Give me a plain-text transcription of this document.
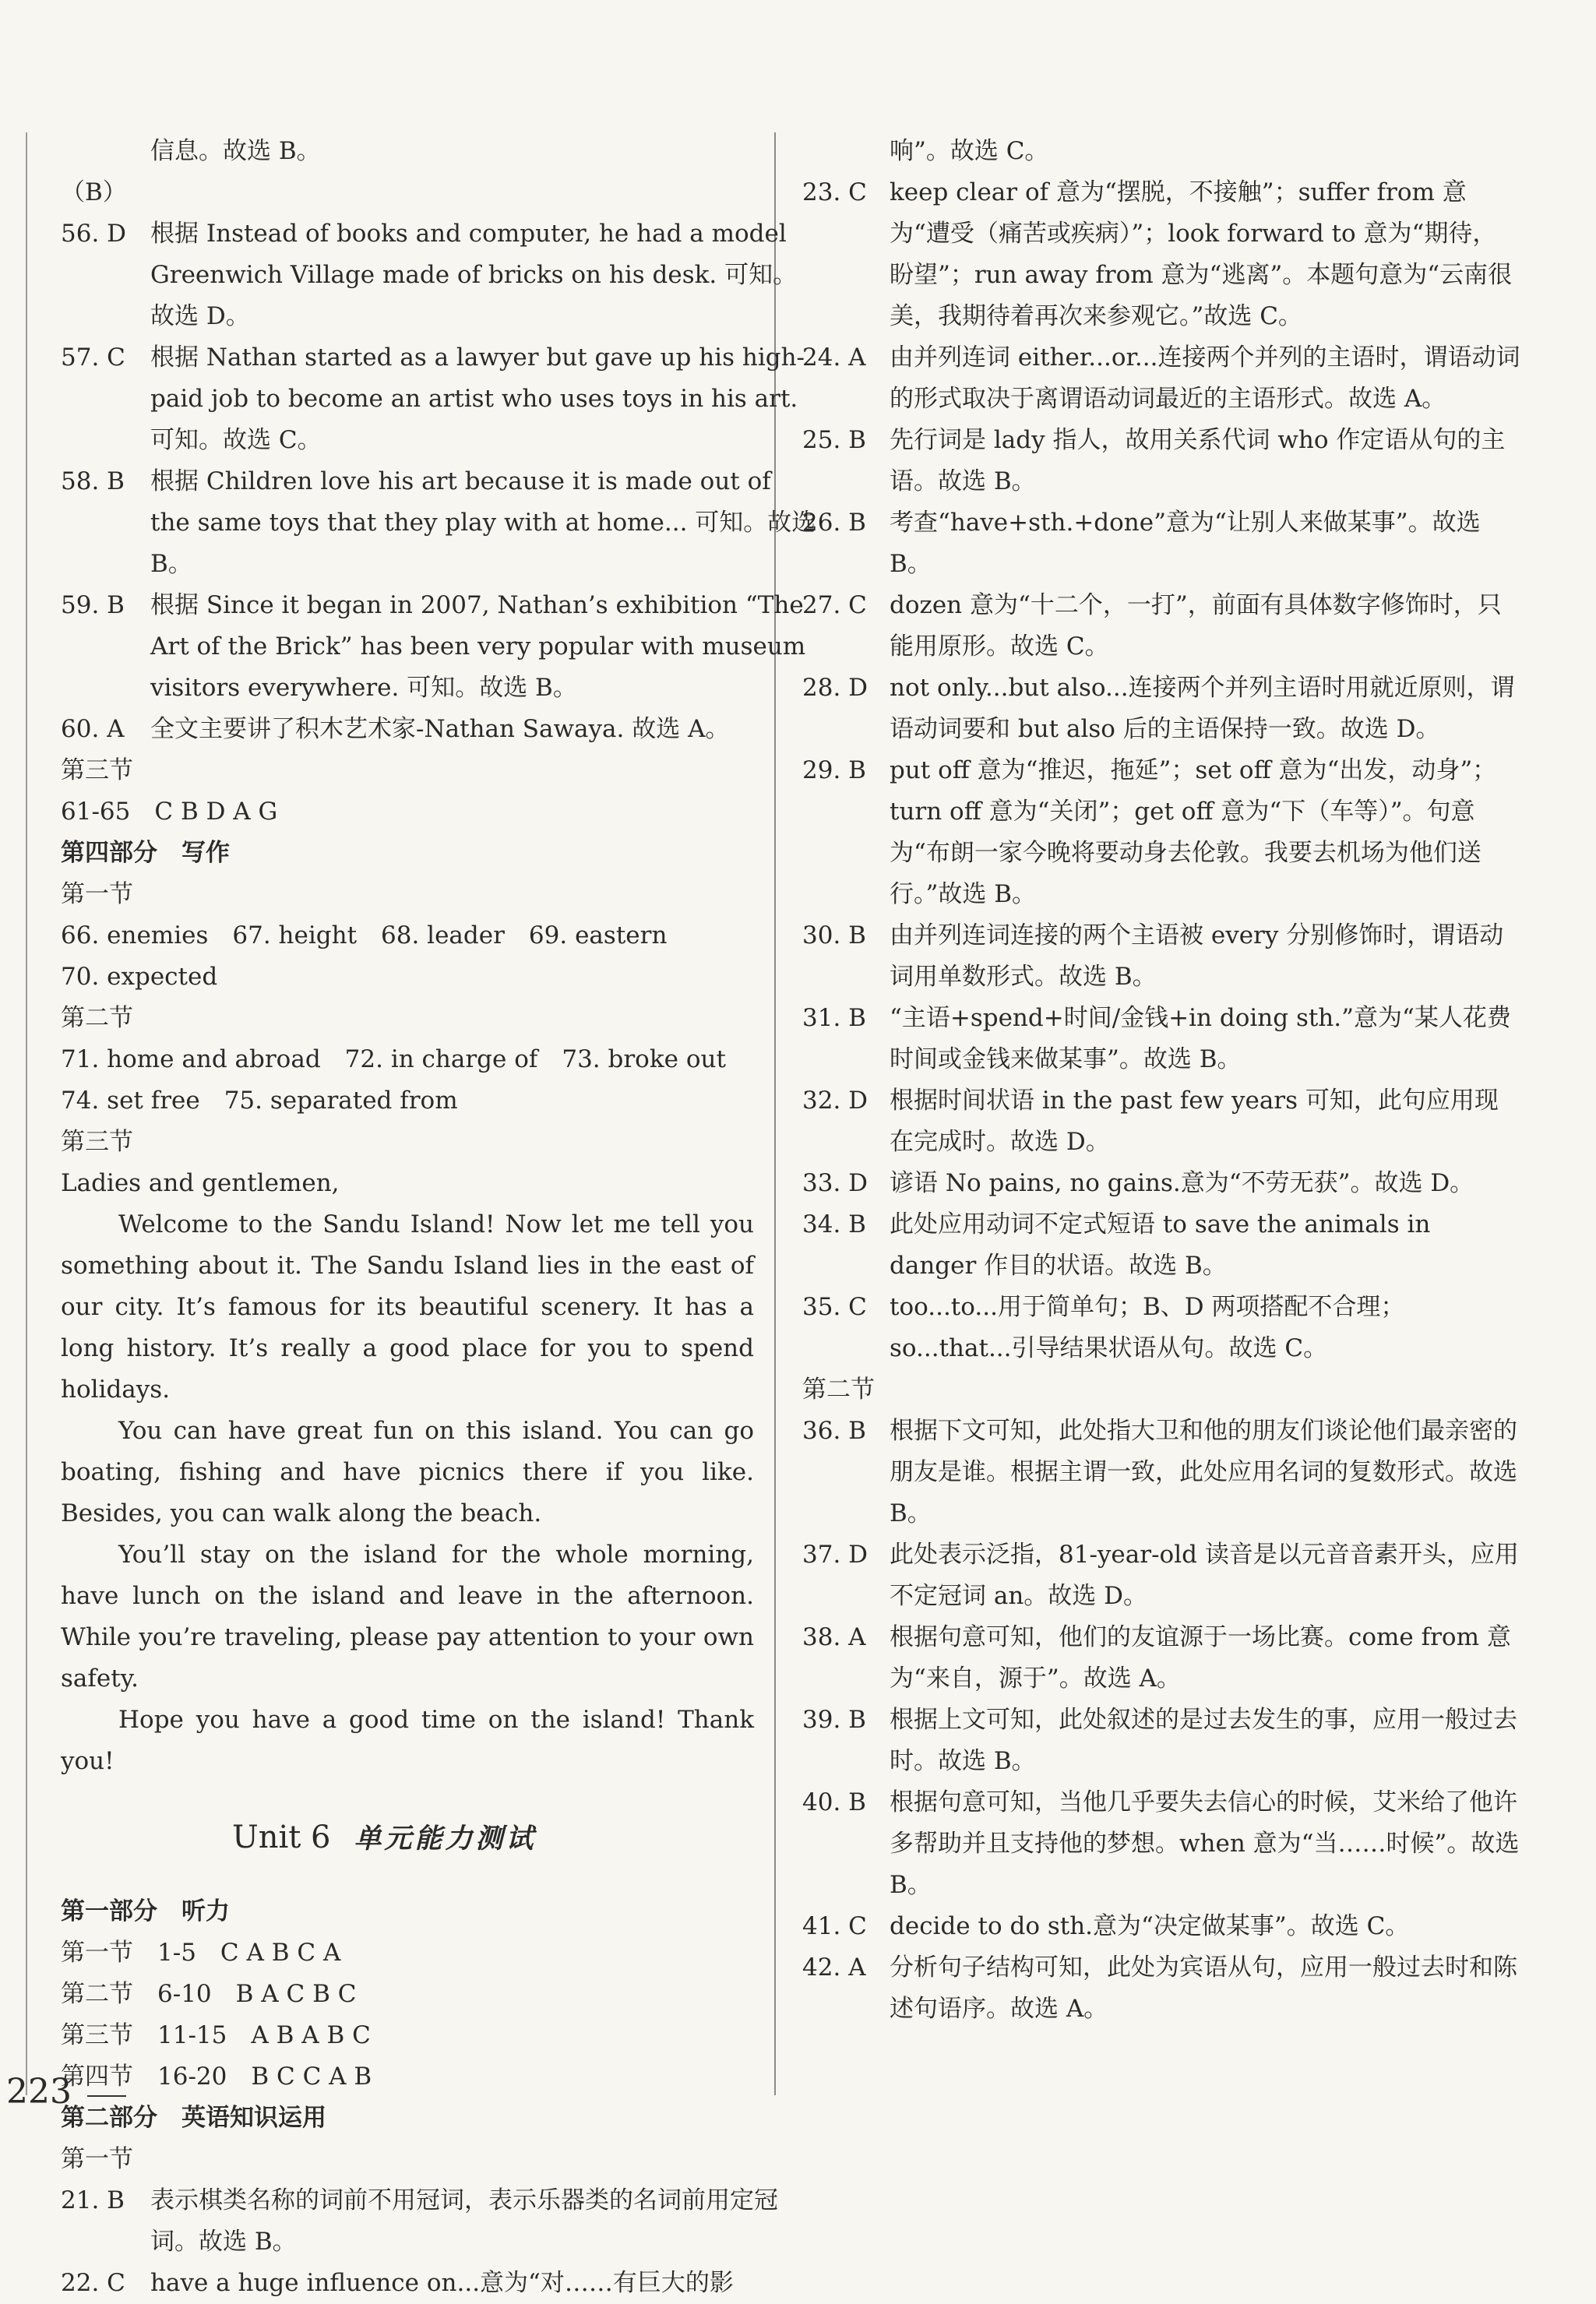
信息。故选 B。
（B）
56. D 根据 Instead of books and computer, he had a model Greenwich Village made of bricks on his desk. 可知。故选 D。
57. C 根据 Nathan started as a lawyer but gave up his high-paid job to become an artist who uses toys in his art. 可知。故选 C。
58. B 根据 Children love his art because it is made out of the same toys that they play with at home... 可知。故选 B。
59. B 根据 Since it began in 2007, Nathan’s exhibition “The Art of the Brick” has been very popular with museum visitors everywhere. 可知。故选 B。
60. A 全文主要讲了积木艺术家-Nathan Sawaya. 故选 A。
第三节
61-65　C B D A G
第四部分　写作
第一节
66. enemies　67. height　68. leader　69. eastern
70. expected
第二节
71. home and abroad　72. in charge of　73. broke out
74. set free　75. separated from
第三节
Ladies and gentlemen,
Welcome to the Sandu Island! Now let me tell you something about it. The Sandu Island lies in the east of our city. It’s famous for its beautiful scenery. It has a long history. It’s really a good place for you to spend holidays.
You can have great fun on this island. You can go boating, fishing and have picnics there if you like. Besides, you can walk along the beach.
You’ll stay on the island for the whole morning, have lunch on the island and leave in the afternoon. While you’re traveling, please pay attention to your own safety.
Hope you have a good time on the island! Thank you!
Unit 6 单元能力测试
第一部分　听力
第一节　1-5　C A B C A
第二节　6-10　B A C B C
第三节　11-15　A B A B C
第四节　16-20　B C C A B
第二部分　英语知识运用
第一节
21. B 表示棋类名称的词前不用冠词，表示乐器类的名词前用定冠词。故选 B。
22. C have a huge influence on...意为“对……有巨大的影
响”。故选 C。
23. C keep clear of 意为“摆脱，不接触”；suffer from 意为“遭受（痛苦或疾病）”；look forward to 意为“期待，盼望”；run away from 意为“逃离”。本题句意为“云南很美，我期待着再次来参观它。”故选 C。
24. A 由并列连词 either...or...连接两个并列的主语时，谓语动词的形式取决于离谓语动词最近的主语形式。故选 A。
25. B 先行词是 lady 指人，故用关系代词 who 作定语从句的主语。故选 B。
26. B 考查“have+sth.+done”意为“让别人来做某事”。故选 B。
27. C dozen 意为“十二个，一打”，前面有具体数字修饰时，只能用原形。故选 C。
28. D not only...but also...连接两个并列主语时用就近原则，谓语动词要和 but also 后的主语保持一致。故选 D。
29. B put off 意为“推迟，拖延”；set off 意为“出发，动身”；turn off 意为“关闭”；get off 意为“下（车等）”。句意为“布朗一家今晚将要动身去伦敦。我要去机场为他们送行。”故选 B。
30. B 由并列连词连接的两个主语被 every 分别修饰时，谓语动词用单数形式。故选 B。
31. B “主语+spend+时间/金钱+in doing sth.”意为“某人花费时间或金钱来做某事”。故选 B。
32. D 根据时间状语 in the past few years 可知，此句应用现在完成时。故选 D。
33. D 谚语 No pains, no gains.意为“不劳无获”。故选 D。
34. B 此处应用动词不定式短语 to save the animals in danger 作目的状语。故选 B。
35. C too...to...用于简单句；B、D 两项搭配不合理；so...that...引导结果状语从句。故选 C。
第二节
36. B 根据下文可知，此处指大卫和他的朋友们谈论他们最亲密的朋友是谁。根据主谓一致，此处应用名词的复数形式。故选 B。
37. D 此处表示泛指，81-year-old 读音是以元音音素开头，应用不定冠词 an。故选 D。
38. A 根据句意可知，他们的友谊源于一场比赛。come from 意为“来自，源于”。故选 A。
39. B 根据上文可知，此处叙述的是过去发生的事，应用一般过去时。故选 B。
40. B 根据句意可知，当他几乎要失去信心的时候，艾米给了他许多帮助并且支持他的梦想。when 意为“当……时候”。故选 B。
41. C decide to do sth.意为“决定做某事”。故选 C。
42. A 分析句子结构可知，此处为宾语从句，应用一般过去时和陈述句语序。故选 A。
223
